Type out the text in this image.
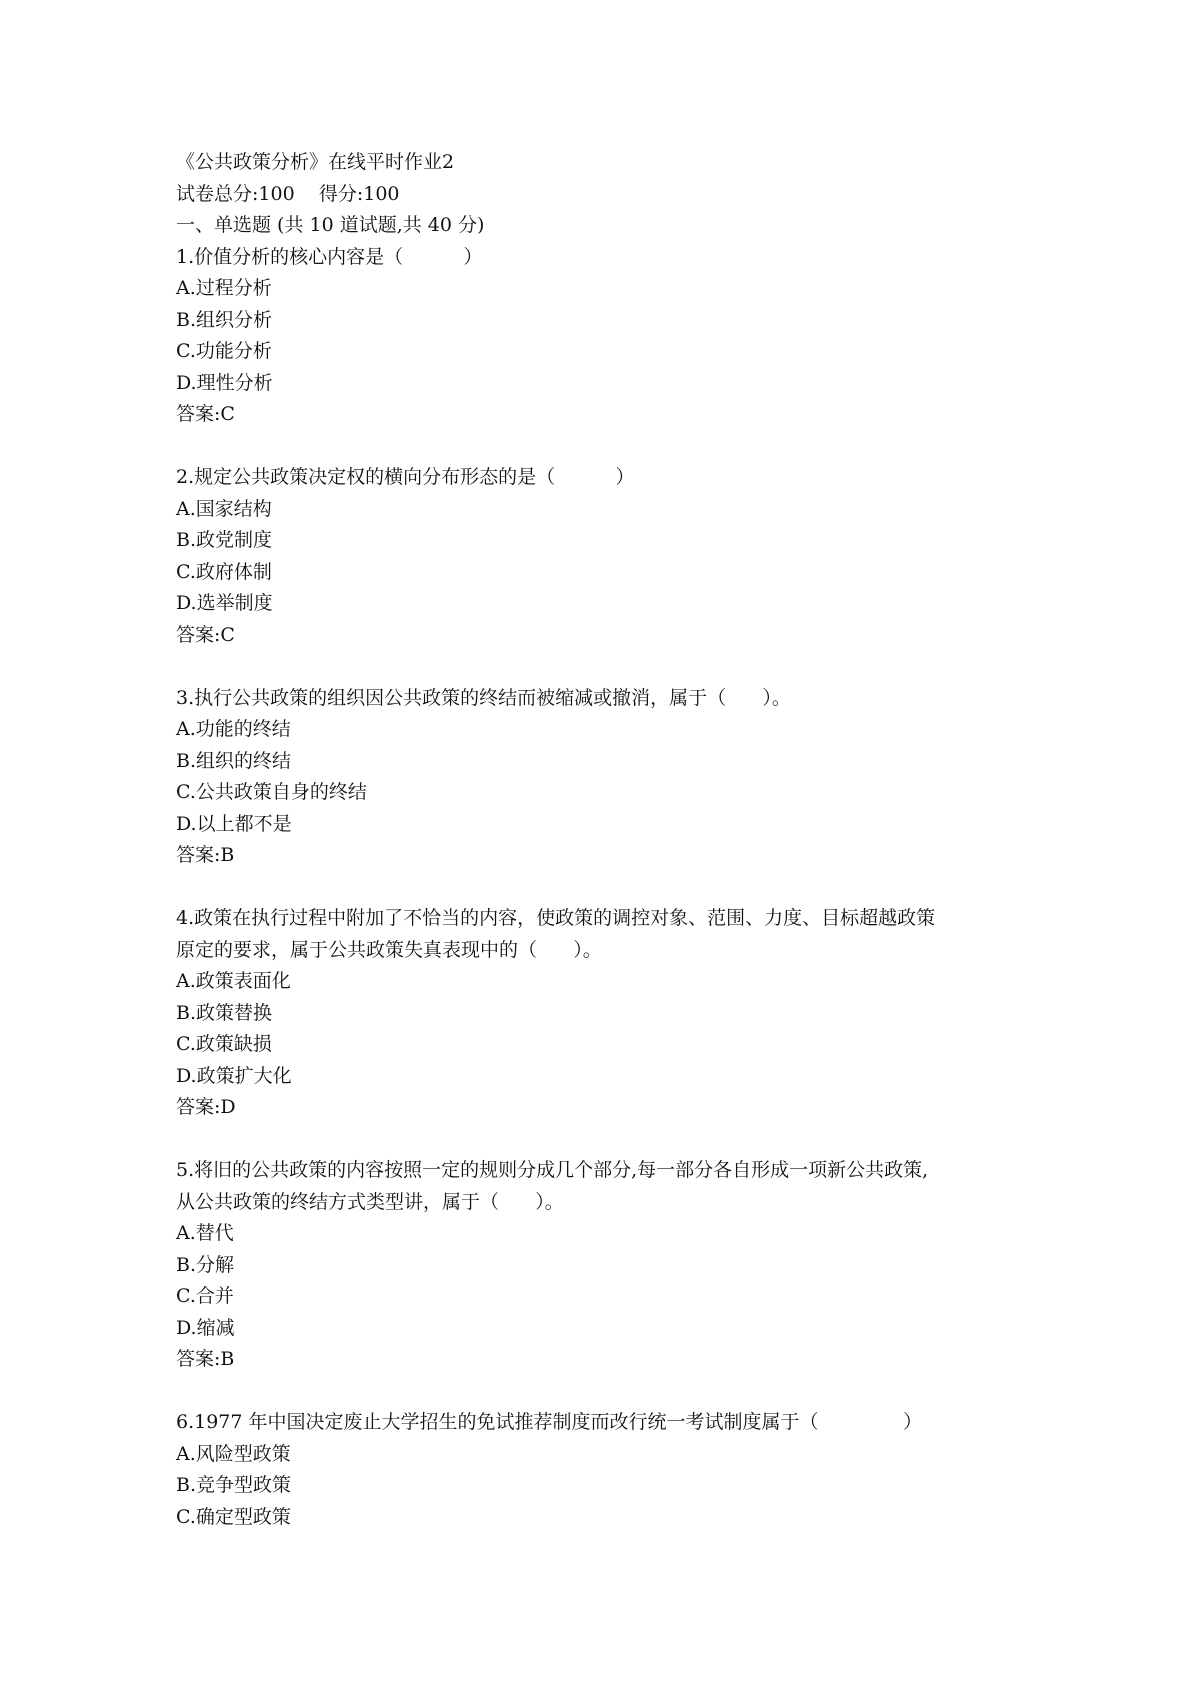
《公共政策分析》在线平时作业2

试卷总分:100    得分:100

一、单选题 (共 10 道试题,共 40 分)

1.价值分析的核心内容是（          ）

A.过程分析

B.组织分析

C.功能分析

D.理性分析

答案:C

2.规定公共政策决定权的横向分布形态的是（          ）

A.国家结构

B.政党制度

C.政府体制

D.选举制度

答案:C

3.执行公共政策的组织因公共政策的终结而被缩减或撤消，属于（      ）。

A.功能的终结

B.组织的终结

C.公共政策自身的终结

D.以上都不是

答案:B

4.政策在执行过程中附加了不恰当的内容，使政策的调控对象、范围、力度、目标超越政策

原定的要求，属于公共政策失真表现中的（      ）。

A.政策表面化

B.政策替换

C.政策缺损

D.政策扩大化

答案:D

5.将旧的公共政策的内容按照一定的规则分成几个部分,每一部分各自形成一项新公共政策,

从公共政策的终结方式类型讲，属于（      ）。

A.替代

B.分解

C.合并

D.缩减

答案:B

6.1977 年中国决定废止大学招生的免试推荐制度而改行统一考试制度属于（              ）

A.风险型政策

B.竞争型政策

C.确定型政策
